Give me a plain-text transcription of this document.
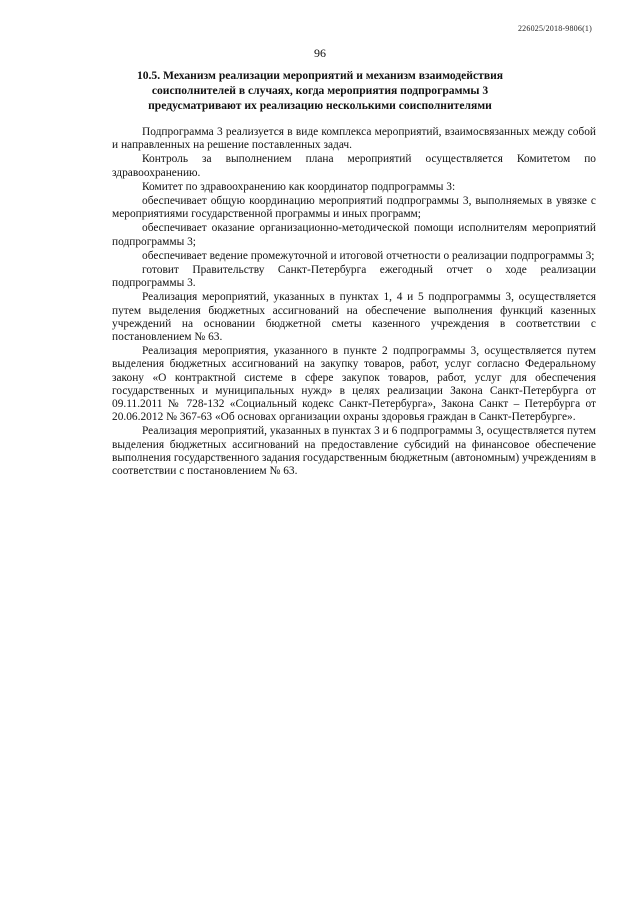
226025/2018-9806(1)
96
10.5. Механизм реализации мероприятий и механизм взаимодействия
соисполнителей в случаях, когда мероприятия подпрограммы 3
предусматривают их реализацию несколькими соисполнителями

Подпрограмма 3 реализуется в виде комплекса мероприятий, взаимосвязанных между собой и направленных на решение поставленных задач.

Контроль за выполнением плана мероприятий осуществляется Комитетом по здравоохранению.

Комитет по здравоохранению как координатор подпрограммы 3:

обеспечивает общую координацию мероприятий подпрограммы 3, выполняемых в увязке с мероприятиями государственной программы и иных программ;

обеспечивает оказание организационно-методической помощи исполнителям мероприятий подпрограммы 3;

обеспечивает ведение промежуточной и итоговой отчетности о реализации подпрограммы 3;

готовит Правительству Санкт-Петербурга ежегодный отчет о ходе реализации подпрограммы 3.

Реализация мероприятий, указанных в пунктах 1, 4 и 5 подпрограммы 3, осуществляется путем выделения бюджетных ассигнований на обеспечение выполнения функций казенных учреждений на основании бюджетной сметы казенного учреждения в соответствии с постановлением № 63.

Реализация мероприятия, указанного в пункте 2 подпрограммы 3, осуществляется путем выделения бюджетных ассигнований на закупку товаров, работ, услуг согласно Федеральному закону «О контрактной системе в сфере закупок товаров, работ, услуг для обеспечения государственных и муниципальных нужд» в целях реализации Закона Санкт-Петербурга от 09.11.2011 № 728-132 «Социальный кодекс Санкт-Петербурга», Закона Санкт – Петербурга от 20.06.2012 № 367-63 «Об основах организации охраны здоровья граждан в Санкт-Петербурге».

Реализация мероприятий, указанных в пунктах 3 и 6 подпрограммы 3, осуществляется путем выделения бюджетных ассигнований на предоставление субсидий на финансовое обеспечение выполнения государственного задания государственным бюджетным (автономным) учреждениям в соответствии с постановлением № 63.
